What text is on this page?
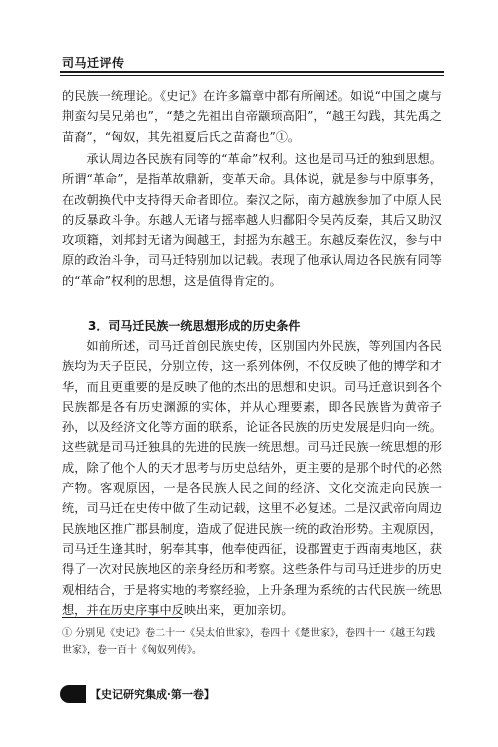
司马迁评传

的民族一统理论。《史记》在许多篇章中都有所阐述。如说“中国之虞与荆蛮勾吴兄弟也”，“楚之先祖出自帝颛顼高阳”，“越王勾践，其先禹之苗裔”，“匈奴，其先祖夏后氏之苗裔也”①。

承认周边各民族有同等的“革命”权利。这也是司马迁的独到思想。所谓“革命”，是指革故鼎新，变革天命。具体说，就是参与中原事务，在改朝换代中支持得天命者即位。秦汉之际，南方越族参加了中原人民的反暴政斗争。东越人无诸与摇率越人归鄱阳令吴芮反秦，其后又助汉攻项籍，刘邦封无诸为闽越王，封摇为东越王。东越反秦佐汉，参与中原的政治斗争，司马迁特别加以记载。表现了他承认周边各民族有同等的“革命”权利的思想，这是值得肯定的。

3．司马迁民族一统思想形成的历史条件

如前所述，司马迁首创民族史传，区别国内外民族，等列国内各民族均为天子臣民，分别立传，这一系列体例，不仅反映了他的博学和才华，而且更重要的是反映了他的杰出的思想和史识。司马迁意识到各个民族都是各有历史渊源的实体，并从心理要素，即各民族皆为黄帝子孙，以及经济文化等方面的联系，论证各民族的历史发展是归向一统。这些就是司马迁独具的先进的民族一统思想。司马迁民族一统思想的形成，除了他个人的天才思考与历史总结外，更主要的是那个时代的必然产物。客观原因，一是各民族人民之间的经济、文化交流走向民族一统，司马迁在史传中做了生动记载，这里不必复述。二是汉武帝向周边民族地区推广郡县制度，造成了促进民族一统的政治形势。主观原因，司马迁生逢其时，躬奉其事，他奉使西征，设郡置吏于西南夷地区，获得了一次对民族地区的亲身经历和考察。这些条件与司马迁进步的历史观相结合，于是将实地的考察经验，上升条理为系统的古代民族一统思想，并在历史序事中反映出来，更加亲切。

① 分别见《史记》卷二十一《吴太伯世家》，卷四十《楚世家》，卷四十一《越王勾践世家》，卷一百十《匈奴列传》。

【史记研究集成·第一卷】
